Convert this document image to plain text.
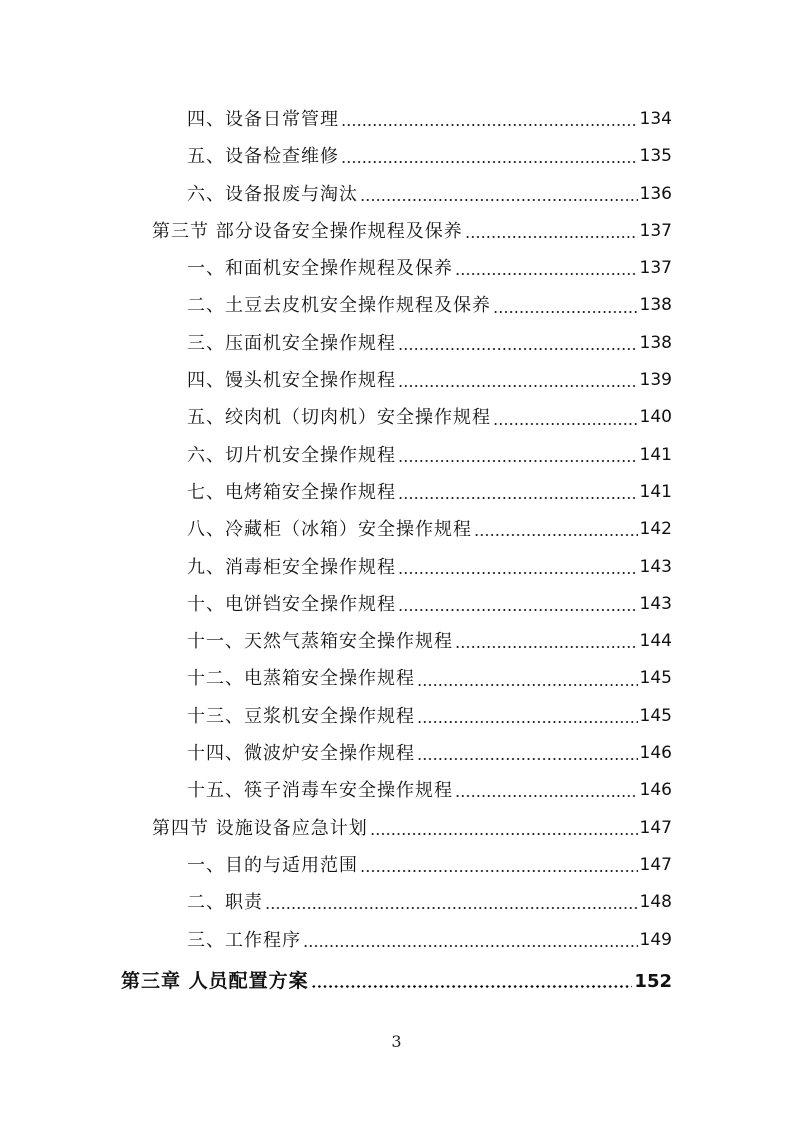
四、设备日常管理	134
五、设备检查维修	135
六、设备报废与淘汰	136
第三节 部分设备安全操作规程及保养	137
一、和面机安全操作规程及保养	137
二、土豆去皮机安全操作规程及保养	138
三、压面机安全操作规程	138
四、馒头机安全操作规程	139
五、绞肉机（切肉机）安全操作规程	140
六、切片机安全操作规程	141
七、电烤箱安全操作规程	141
八、冷藏柜（冰箱）安全操作规程	142
九、消毒柜安全操作规程	143
十、电饼铛安全操作规程	143
十一、天然气蒸箱安全操作规程	144
十二、电蒸箱安全操作规程	145
十三、豆浆机安全操作规程	145
十四、微波炉安全操作规程	146
十五、筷子消毒车安全操作规程	146
第四节 设施设备应急计划	147
一、目的与适用范围	147
二、职责	148
三、工作程序	149
第三章 人员配置方案	152
3
